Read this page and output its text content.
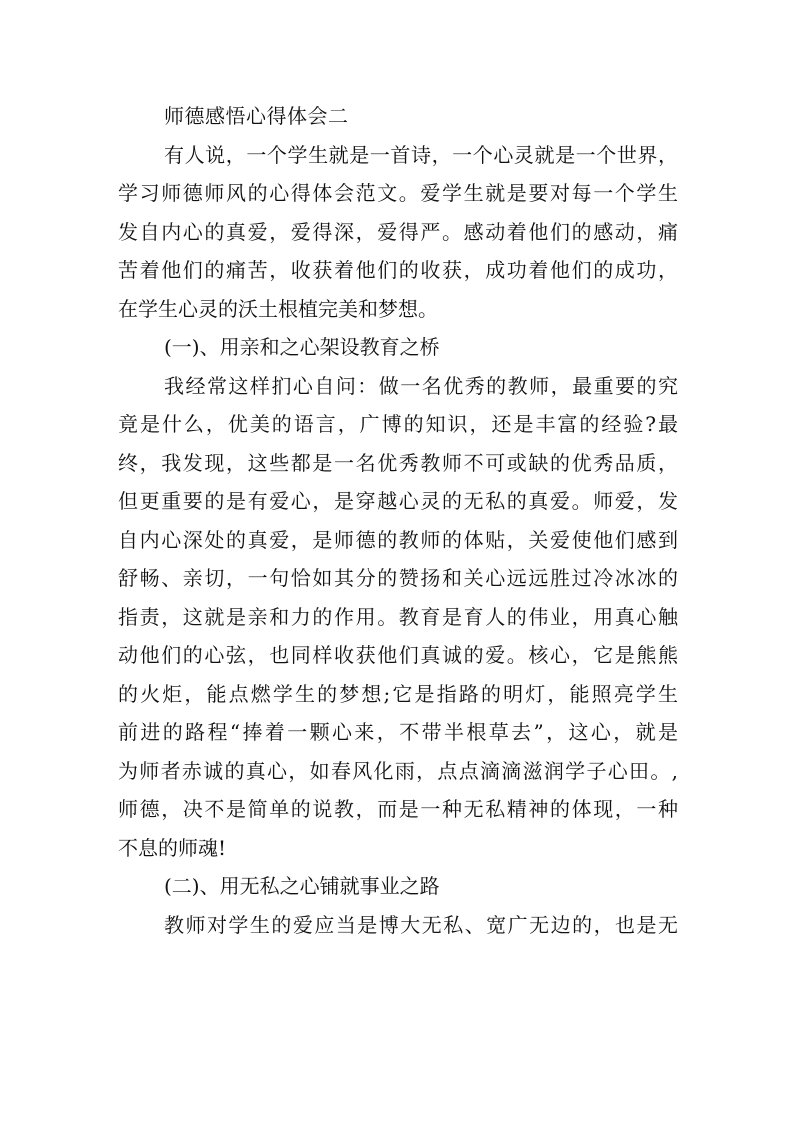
师德感悟心得体会二
有人说，一个学生就是一首诗，一个心灵就是一个世界，
学习师德师风的心得体会范文。爱学生就是要对每一个学生
发自内心的真爱，爱得深，爱得严。感动着他们的感动，痛
苦着他们的痛苦，收获着他们的收获，成功着他们的成功，
在学生心灵的沃土根植完美和梦想。
(一)、用亲和之心架设教育之桥
我经常这样扪心自问：做一名优秀的教师，最重要的究
竟是什么，优美的语言，广博的知识，还是丰富的经验?最
终，我发现，这些都是一名优秀教师不可或缺的优秀品质，
但更重要的是有爱心，是穿越心灵的无私的真爱。师爱，发
自内心深处的真爱，是师德的教师的体贴，关爱使他们感到
舒畅、亲切，一句恰如其分的赞扬和关心远远胜过冷冰冰的
指责，这就是亲和力的作用。教育是育人的伟业，用真心触
动他们的心弦，也同样收获他们真诚的爱。核心，它是熊熊
的火炬，能点燃学生的梦想;它是指路的明灯，能照亮学生
前进的路程“捧着一颗心来，不带半根草去”，这心，就是
为师者赤诚的真心，如春风化雨，点点滴滴滋润学子心田。,
师德，决不是简单的说教，而是一种无私精神的体现，一种
不息的师魂!
(二)、用无私之心铺就事业之路
教师对学生的爱应当是博大无私、宽广无边的，也是无
